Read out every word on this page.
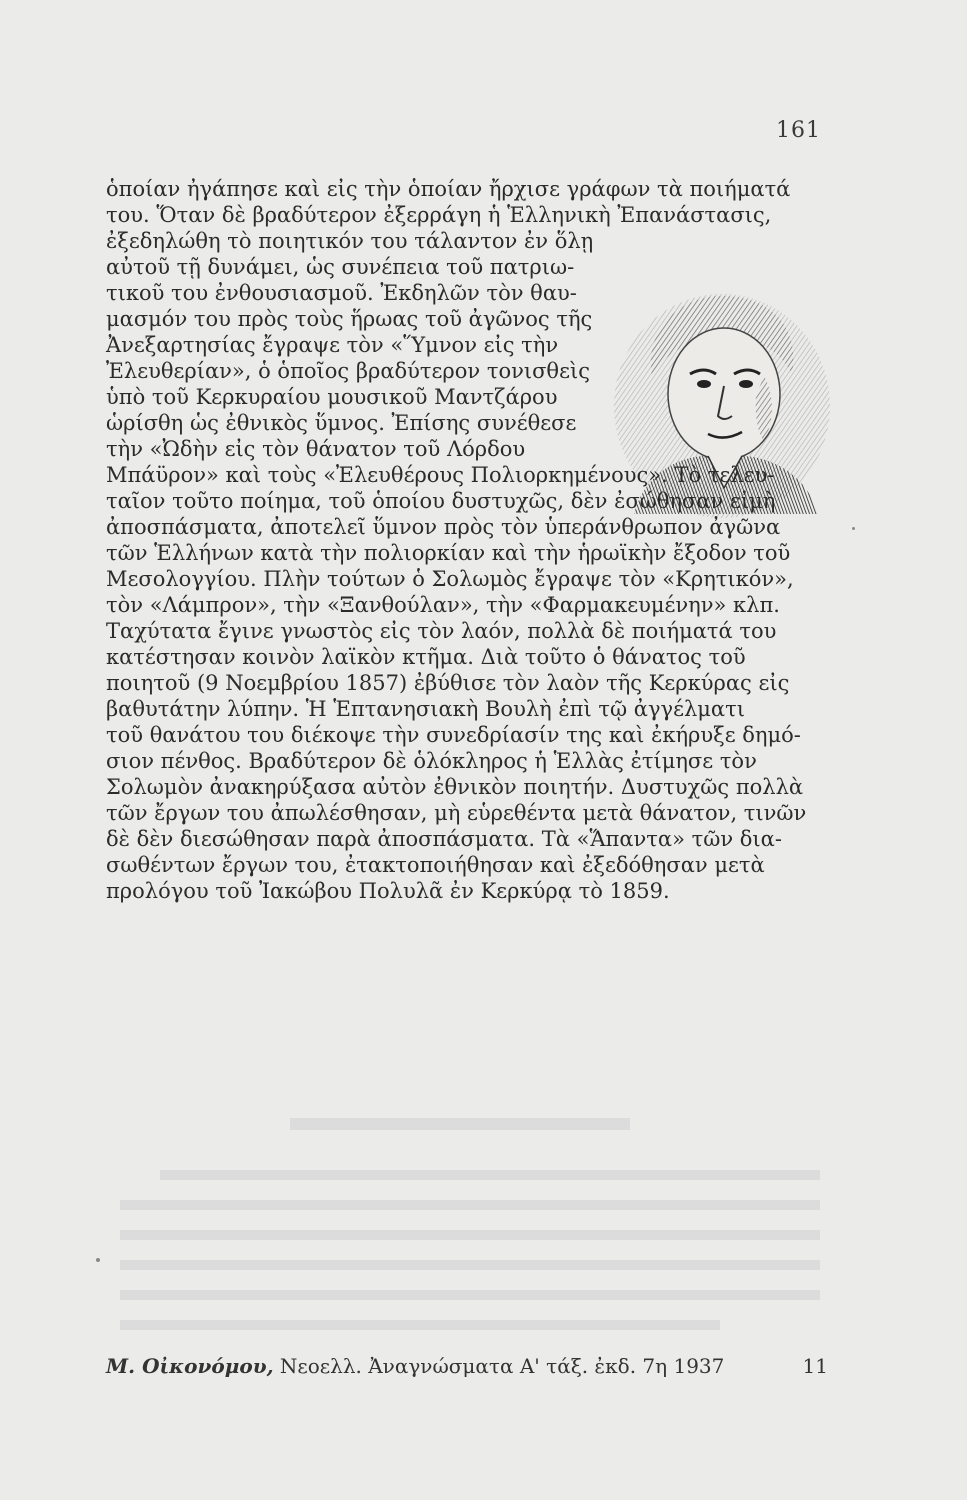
161
ὁποίαν ἠγάπησε καὶ εἰς τὴν ὁποίαν ἤρχισε γράφων τὰ ποιήματά
του. Ὅταν δὲ βραδύτερον ἐξερράγη ἡ Ἑλληνικὴ Ἐπανάστασις,
ἐξεδηλώθη τὸ ποιητικόν του τάλαντον ἐν ὅλῃ
αὐτοῦ τῇ δυνάμει, ὡς συνέπεια τοῦ πατριω-
τικοῦ του ἐνθουσιασμοῦ. Ἐκδηλῶν τὸν θαυ-
μασμόν του πρὸς τοὺς ἥρωας τοῦ ἀγῶνος τῆς
Ἀνεξαρτησίας ἔγραψε τὸν «Ὕμνον εἰς τὴν
Ἐλευθερίαν», ὁ ὁποῖος βραδύτερον τονισθεὶς
ὑπὸ τοῦ Κερκυραίου μουσικοῦ Μαντζάρου
ὡρίσθη ὡς ἐθνικὸς ὕμνος. Ἐπίσης συνέθεσε
τὴν «Ὠδὴν εἰς τὸν θάνατον τοῦ Λόρδου
Μπάϋρον» καὶ τοὺς «Ἐλευθέρους Πολιορκημένους». Τὸ τελευ-
ταῖον τοῦτο ποίημα, τοῦ ὁποίου δυστυχῶς, δὲν ἐσώθησαν εἰμὴ
ἀποσπάσματα, ἀποτελεῖ ὕμνον πρὸς τὸν ὑπεράνθρωπον ἀγῶνα
τῶν Ἑλλήνων κατὰ τὴν πολιορκίαν καὶ τὴν ἡρωϊκὴν ἔξοδον τοῦ
Μεσολογγίου. Πλὴν τούτων ὁ Σολωμὸς ἔγραψε τὸν «Κρητικόν»,
τὸν «Λάμπρον», τὴν «Ξανθούλαν», τὴν «Φαρμακευμένην» κλπ.
Ταχύτατα ἔγινε γνωστὸς εἰς τὸν λαόν, πολλὰ δὲ ποιήματά του
κατέστησαν κοινὸν λαϊκὸν κτῆμα. Διὰ τοῦτο ὁ θάνατος τοῦ
ποιητοῦ (9 Νοεμβρίου 1857) ἐβύθισε τὸν λαὸν τῆς Κερκύρας εἰς
βαθυτάτην λύπην. Ἡ Ἑπτανησιακὴ Βουλὴ ἐπὶ τῷ ἀγγέλματι
τοῦ θανάτου του διέκοψε τὴν συνεδρίασίν της καὶ ἐκήρυξε δημό-
σιον πένθος. Βραδύτερον δὲ ὁλόκληρος ἡ Ἑλλὰς ἐτίμησε τὸν
Σολωμὸν ἀνακηρύξασα αὐτὸν ἐθνικὸν ποιητήν. Δυστυχῶς πολλὰ
τῶν ἔργων του ἀπωλέσθησαν, μὴ εὑρεθέντα μετὰ θάνατον, τινῶν
δὲ δὲν διεσώθησαν παρὰ ἀποσπάσματα. Τὰ «Ἅπαντα» τῶν δια-
σωθέντων ἔργων του, ἐτακτοποιήθησαν καὶ ἐξεδόθησαν μετὰ
προλόγου τοῦ Ἰακώβου Πολυλᾶ ἐν Κερκύρᾳ τὸ 1859.
Μ. Οἰκονόμου, Νεοελλ. Ἀναγνώσματα Α' τάξ. ἐκδ. 7η 1937	11
